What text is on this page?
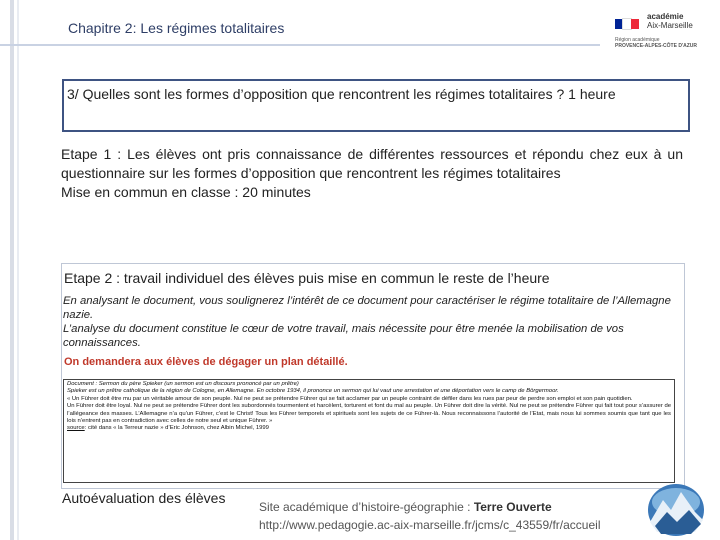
Chapitre 2: Les régimes totalitaires
académie
Aix-Marseille
Région académique
PROVENCE-ALPES-CÔTE D'AZUR
3/ Quelles sont les formes d’opposition que rencontrent les régimes totalitaires ? 1 heure

Etape 1 : Les élèves ont pris connaissance de différentes ressources et répondu chez eux à un questionnaire sur les formes d’opposition que rencontrent les régimes totalitaires

Mise en commun en classe : 20 minutes

Etape 2 : travail individuel des élèves puis mise en commun le reste de l’heure
En analysant le document, vous soulignerez l’intérêt de ce document pour caractériser le régime totalitaire de l’Allemagne nazie.
L’analyse du document constitue le cœur de votre travail, mais nécessite pour être menée la mobilisation de vos connaissances.
On demandera aux élèves de dégager un plan détaillé.

Document : Sermon du père Spieker (un sermon est un discours prononcé par un prêtre)

Spieker est un prêtre catholique de la région de Cologne, en Allemagne. En octobre 1934, il prononce un sermon qui lui vaut une arrestation et une déportation vers le camp de Börgermoor.

« Un Führer doit être mu par un véritable amour de son peuple. Nul ne peut se prétendre Führer qui se fait acclamer par un peuple contraint de défiler dans les rues par peur de perdre son emploi et son pain quotidien.

Un Führer doit être loyal. Nul ne peut se prétendre Führer dont les subordonnés tourmentent et harcèlent, torturent et font du mal au peuple. Un Führer doit dire la vérité. Nul ne peut se prétendre Führer qui fait tout pour s’assurer de l’allégeance des masses. L’Allemagne n’a qu’un Führer, c’est le Christ! Tous les Führer temporels et spirituels sont les sujets de ce Führer-là. Nous reconnaissons l’autorité de l’Etat, mais nous lui sommes soumis que tant que les lois n’entrent pas en contradiction avec celles de notre seul et unique Führer. »

source: cité dans « la Terreur nazie » d’Eric Johnson, chez Albin Michel, 1999

Autoévaluation des élèves
Site académique d’histoire-géographie : Terre Ouverte
http://www.pedagogie.ac-aix-marseille.fr/jcms/c_43559/fr/accueil
